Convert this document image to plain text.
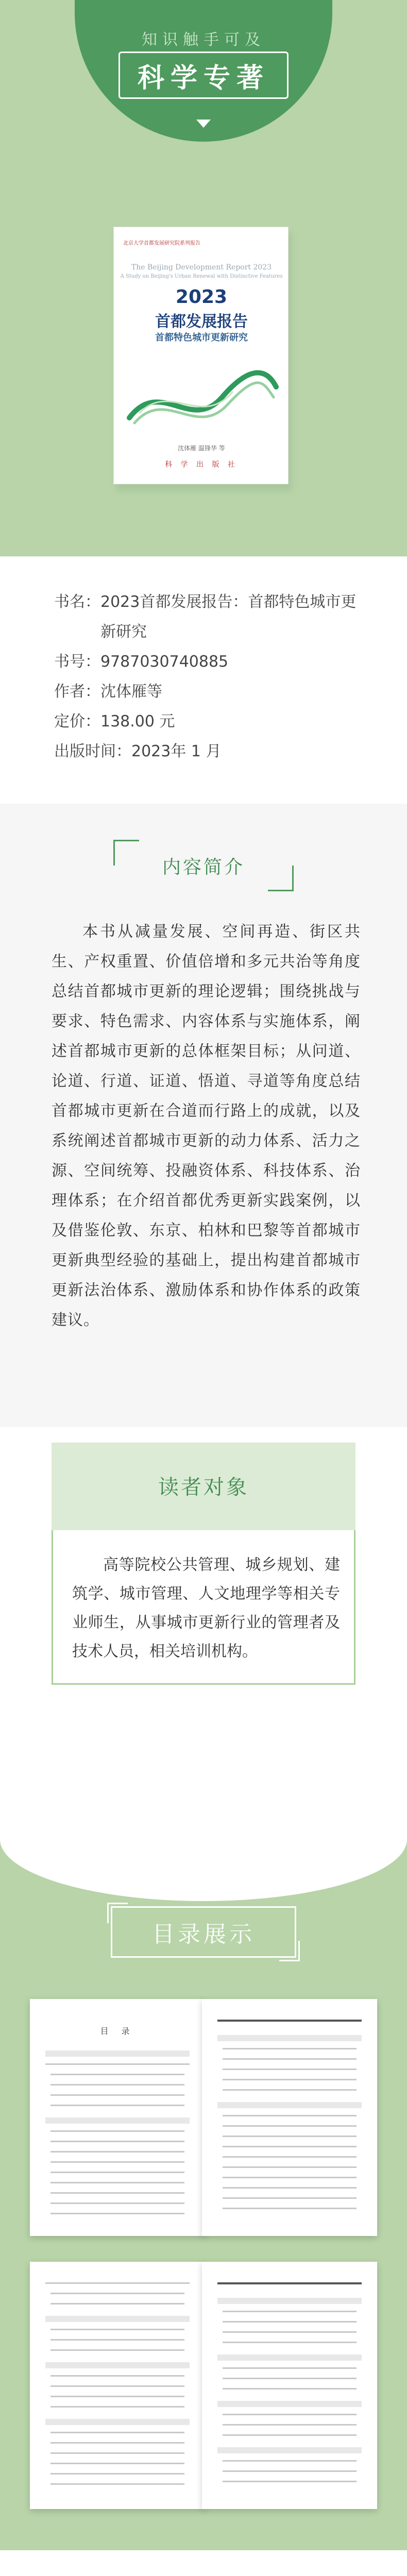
知识触手可及
科学专著
北京大学首都发展研究院系列报告
The Beijing Development Report 2023
A Study on Beijing's Urban Renewal with Distinctive Features
2023
首都发展报告
首都特色城市更新研究
沈体雁 温锋华 等
科 学 出 版 社
书名： 2023首都发展报告：首都特色城市更新研究
书号： 9787030740885
作者： 沈体雁等
定价： 138.00 元
出版时间： 2023年 1 月
内容简介
本书从减量发展、空间再造、街区共生、产权重置、价值倍增和多元共治等角度总结首都城市更新的理论逻辑；围绕挑战与要求、特色需求、内容体系与实施体系，阐述首都城市更新的总体框架目标；从问道、论道、行道、证道、悟道、寻道等角度总结首都城市更新在合道而行路上的成就，以及系统阐述首都城市更新的动力体系、活力之源、空间统筹、投融资体系、科技体系、治理体系；在介绍首都优秀更新实践案例，以及借鉴伦敦、东京、柏林和巴黎等首都城市更新典型经验的基础上，提出构建首都城市更新法治体系、激励体系和协作体系的政策建议。
读者对象
高等院校公共管理、城乡规划、建筑学、城市管理、人文地理学等相关专业师生，从事城市更新行业的管理者及技术人员，相关培训机构。
目录展示
目 录
